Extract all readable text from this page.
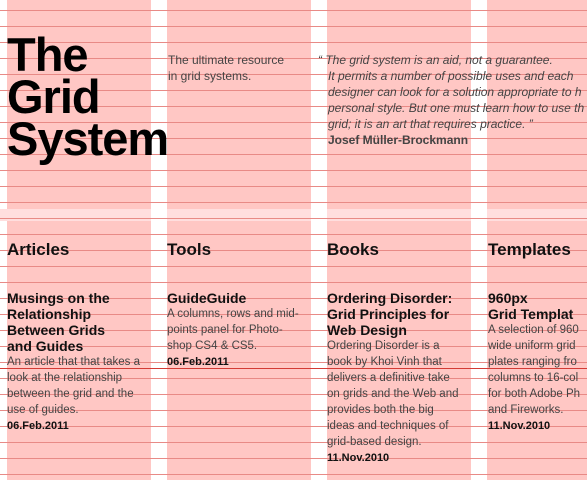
The
Grid
System
The ultimate resource
in grid systems.
“ The grid system is an aid, not a guarantee.
It permits a number of possible uses and each
designer can look for a solution appropriate to h
personal style. But one must learn how to use th
grid; it is an art that requires practice. ”
Josef Müller-Brockmann
Articles
Musings on the
Relationship
Between Grids
and Guides
An article that that takes a
look at the relationship
between the grid and the
use of guides.
06.Feb.2011
Tools
GuideGuide
A columns, rows and mid-
points panel for Photo-
shop CS4 & CS5.
06.Feb.2011
Books
Ordering Disorder:
Grid Principles for
Web Design
Ordering Disorder is a
book by Khoi Vinh that
delivers a definitive take
on grids and the Web and
provides both the big
ideas and techniques of
grid-based design.
11.Nov.2010
Templates
960px
Grid Templat
A selection of 960
wide uniform grid
plates ranging fro
columns to 16-col
for both Adobe Ph
and Fireworks.
11.Nov.2010
